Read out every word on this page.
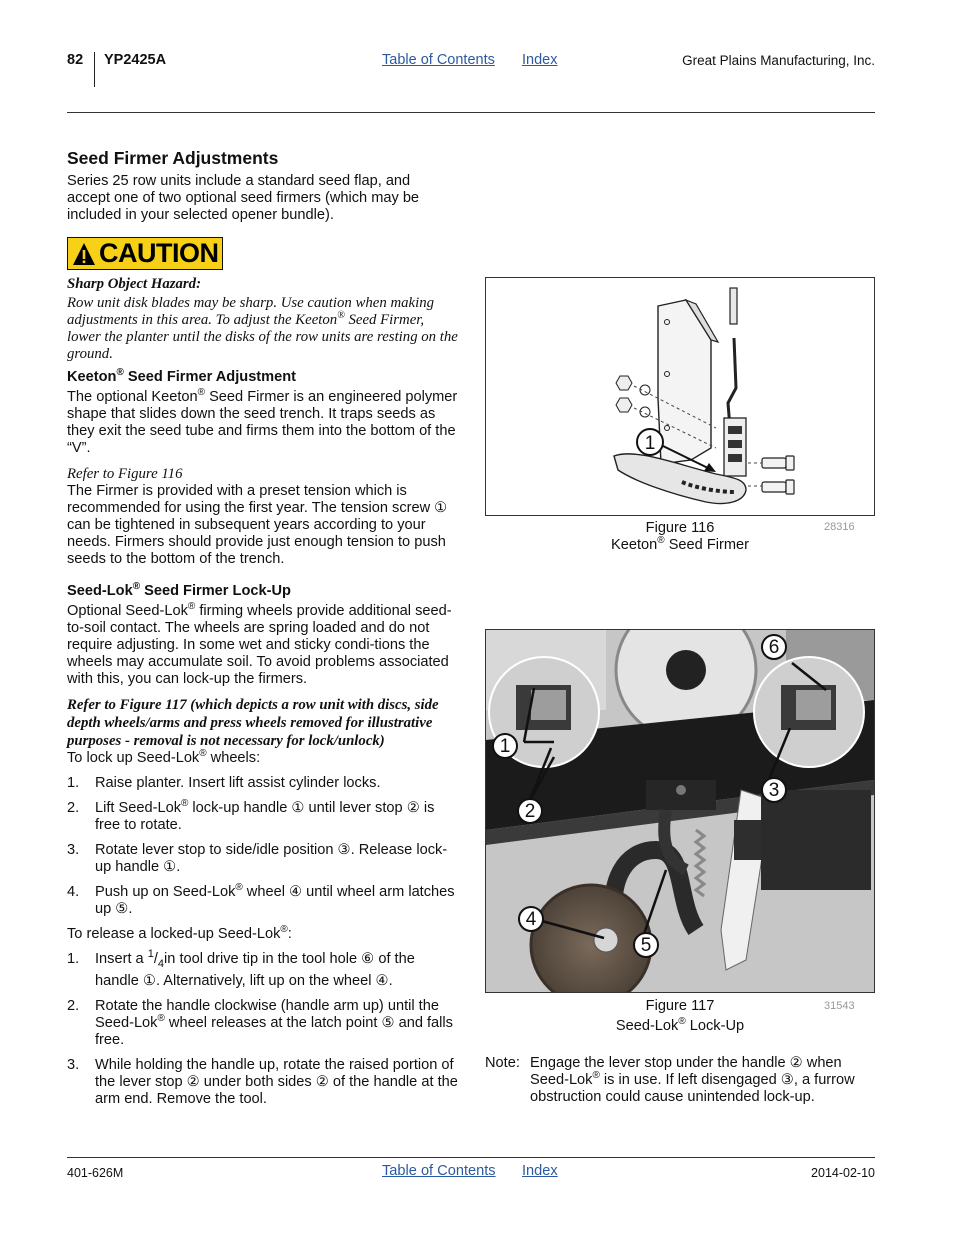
82 YP2425A	Table of Contents Index	Great Plains Manufacturing, Inc.
Seed Firmer Adjustments

Series 25 row units include a standard seed flap, and accept one of two optional seed firmers (which may be included in your selected opener bundle).

CAUTION

Sharp Object Hazard:

Row unit disk blades may be sharp. Use caution when making adjustments in this area. To adjust the Keeton® Seed Firmer, lower the planter until the disks of the row units are resting on the ground.

Keeton® Seed Firmer Adjustment

The optional Keeton® Seed Firmer is an engineered polymer shape that slides down the seed trench. It traps seeds as they exit the seed tube and firms them into the bottom of the “V”.

Refer to Figure 116

The Firmer is provided with a preset tension which is recommended for using the first year. The tension screw ① can be tightened in subsequent years according to your needs. Firmers should provide just enough tension to push seeds to the bottom of the trench.

Seed-Lok® Seed Firmer Lock-Up

Optional Seed-Lok® firming wheels provide additional seed-to-soil contact. The wheels are spring loaded and do not require adjusting. In some wet and sticky condi-tions the wheels may accumulate soil. To avoid problems associated with this, you can lock-up the firmers.

Refer to Figure 117 (which depicts a row unit with discs, side depth wheels/arms and press wheels removed for illustrative purposes - removal is not necessary for lock/unlock)

To lock up Seed-Lok® wheels:

1. Raise planter. Insert lift assist cylinder locks.
2. Lift Seed-Lok® lock-up handle ① until lever stop ② is free to rotate.
3. Rotate lever stop to side/idle position ③. Release lock-up handle ①.
4. Push up on Seed-Lok® wheel ④ until wheel arm latches up ⑤.

To release a locked-up Seed-Lok®:

1. Insert a $^1/_4in$ tool drive tip in the tool hole ⑥ of the handle ①. Alternatively, lift up on the wheel ④.
2. Rotate the handle clockwise (handle arm up) until the Seed-Lok® wheel releases at the latch point ⑤ and falls free.
3. While holding the handle up, rotate the raised portion of the lever stop ② under both sides ② of the handle at the arm end. Remove the tool.
1
Figure 116
Keeton® Seed Firmer
28316
1
2
3
4
5
6
Figure 117
Seed-Lok® Lock-Up
31543
Note: Engage the lever stop under the handle ② when Seed-Lok® is in use. If left disengaged ③, a furrow obstruction could cause unintended lock-up.

401-626M	Table of Contents Index	2014-02-10
